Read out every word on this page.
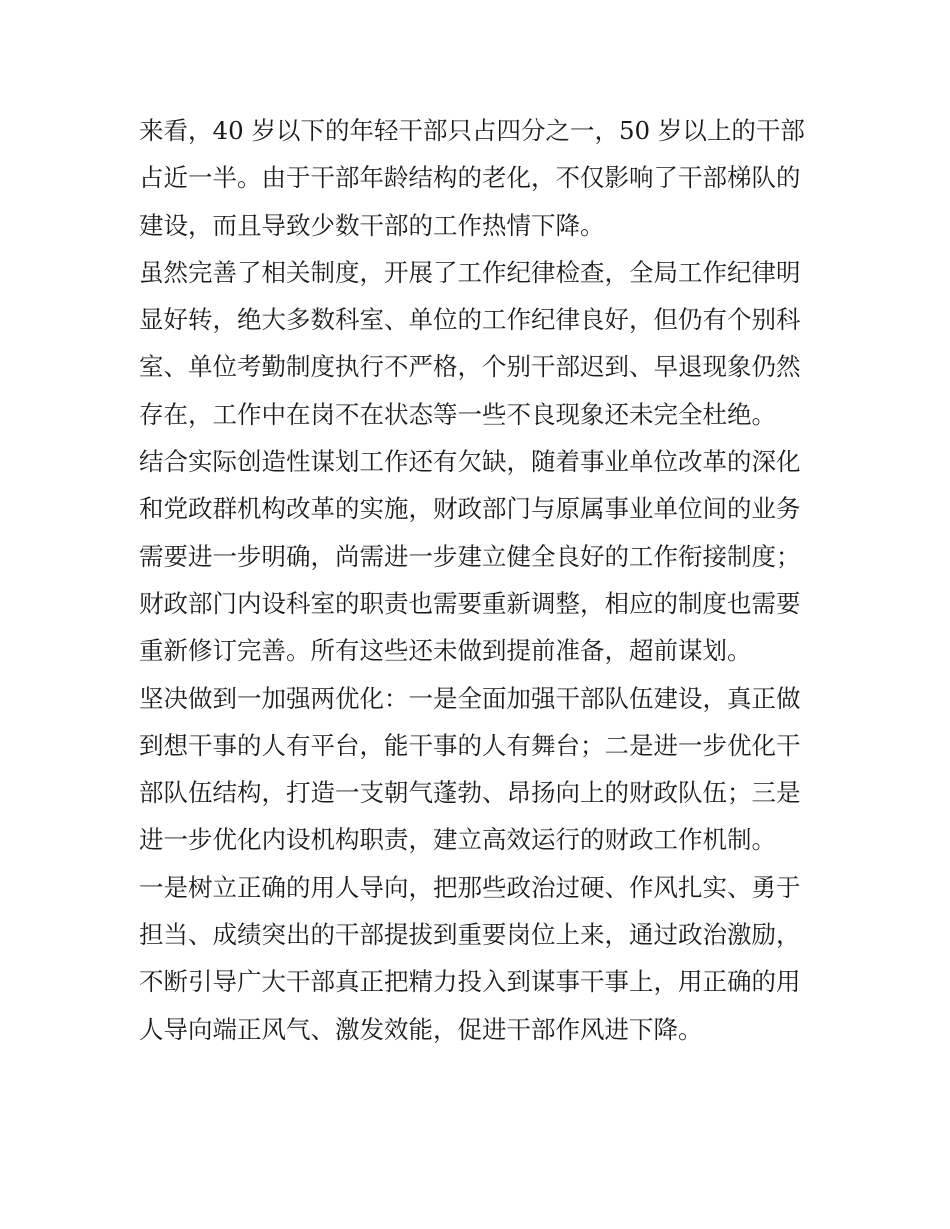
来看，40 岁以下的年轻干部只占四分之一，50 岁以上的干部
占近一半。由于干部年龄结构的老化，不仅影响了干部梯队的
建设，而且导致少数干部的工作热情下降。

虽然完善了相关制度，开展了工作纪律检查，全局工作纪律明
显好转，绝大多数科室、单位的工作纪律良好，但仍有个别科
室、单位考勤制度执行不严格，个别干部迟到、早退现象仍然
存在，工作中在岗不在状态等一些不良现象还未完全杜绝。

结合实际创造性谋划工作还有欠缺，随着事业单位改革的深化
和党政群机构改革的实施，财政部门与原属事业单位间的业务
需要进一步明确，尚需进一步建立健全良好的工作衔接制度；
财政部门内设科室的职责也需要重新调整，相应的制度也需要
重新修订完善。所有这些还未做到提前准备，超前谋划。

坚决做到一加强两优化：一是全面加强干部队伍建设，真正做
到想干事的人有平台，能干事的人有舞台；二是进一步优化干
部队伍结构，打造一支朝气蓬勃、昂扬向上的财政队伍；三是
进一步优化内设机构职责，建立高效运行的财政工作机制。

一是树立正确的用人导向，把那些政治过硬、作风扎实、勇于
担当、成绩突出的干部提拔到重要岗位上来，通过政治激励，
不断引导广大干部真正把精力投入到谋事干事上，用正确的用
人导向端正风气、激发效能，促进干部作风进下降。
